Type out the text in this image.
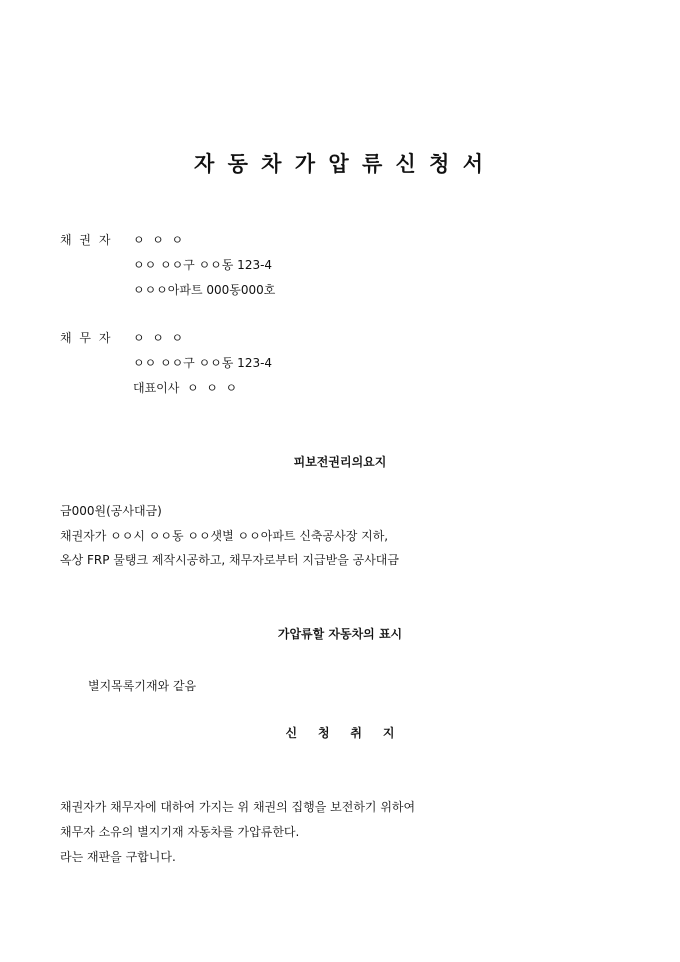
자 동 차 가 압 류 신 청 서
채 권 자 ㅇ  ㅇ  ㅇ
ㅇㅇ ㅇㅇ구 ㅇㅇ동 123-4
ㅇㅇㅇ아파트 000동000호
채 무 자 ㅇ  ㅇ  ㅇ
ㅇㅇ ㅇㅇ구 ㅇㅇ동 123-4
대표이사  ㅇ  ㅇ  ㅇ
피보전권리의요지
금000원(공사대금)
채권자가 ㅇㅇ시 ㅇㅇ동 ㅇㅇ샛별 ㅇㅇ아파트 신축공사장 지하,
옥상 FRP 물탱크 제작시공하고, 채무자로부터 지급받을 공사대금
가압류할 자동차의 표시
별지목록기재와 같음
신     청     취     지
채권자가 채무자에 대하여 가지는 위 채권의 집행을 보전하기 위하여
채무자 소유의 별지기재 자동차를 가압류한다.
라는 재판을 구합니다.
